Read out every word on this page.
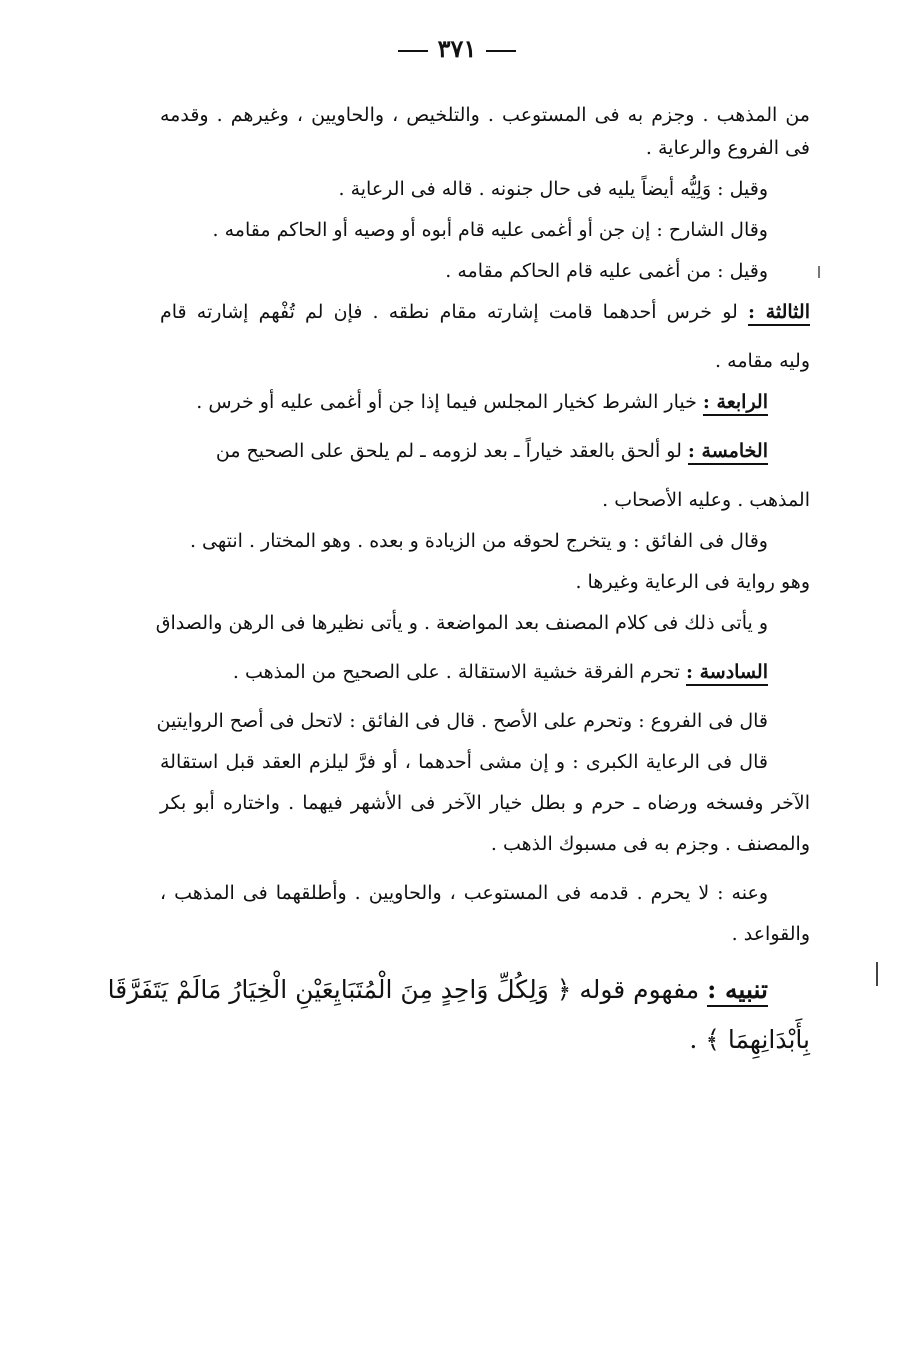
٣٧١
من المذهب . وجزم به فى المستوعب . والتلخيص ، والحاويين ، وغيرهم . وقدمه
فى الفروع والرعاية .
وقيل : وَلِيُّه أيضاً يليه فى حال جنونه . قاله فى الرعاية .
وقال الشارح : إن جن أو أغمى عليه قام أبوه أو وصيه أو الحاكم مقامه .
وقيل : من أغمى عليه قام الحاكم مقامه .
الثالثة : لو خرس أحدهما قامت إشارته مقام نطقه . فإن لم تُفْهم إشارته قام
وليه مقامه .
الرابعة : خيار الشرط كخيار المجلس فيما إذا جن أو أغمى عليه أو خرس .
الخامسة : لو ألحق بالعقد خياراً ـ بعد لزومه ـ لم يلحق على الصحيح من
المذهب . وعليه الأصحاب .
وقال فى الفائق : و يتخرج لحوقه من الزيادة و بعده . وهو المختار . انتهى .
وهو رواية فى الرعاية وغيرها .
و يأتى ذلك فى كلام المصنف بعد المواضعة . و يأتى نظيرها فى الرهن والصداق
السادسة : تحرم الفرقة خشية الاستقالة . على الصحيح من المذهب .
قال فى الفروع : وتحرم على الأصح . قال فى الفائق : لاتحل فى أصح الروايتين
قال فى الرعاية الكبرى : و إن مشى أحدهما ، أو فرَّ ليلزم العقد قبل استقالة
الآخر وفسخه ورضاه ـ حرم و بطل خيار الآخر فى الأشهر فيهما . واختاره أبو بكر
والمصنف . وجزم به فى مسبوك الذهب .
وعنه : لا يحرم . قدمه فى المستوعب ، والحاويين . وأطلقهما فى المذهب ،
والقواعد .
تنبيه : مفهوم قوله ﴿ وَلِكُلِّ وَاحِدٍ مِنَ الْمُتَبَايِعَيْنِ الْخِيَارُ مَالَمْ يَتَفَرَّقَا
بِأَبْدَانِهِمَا ﴾ .
